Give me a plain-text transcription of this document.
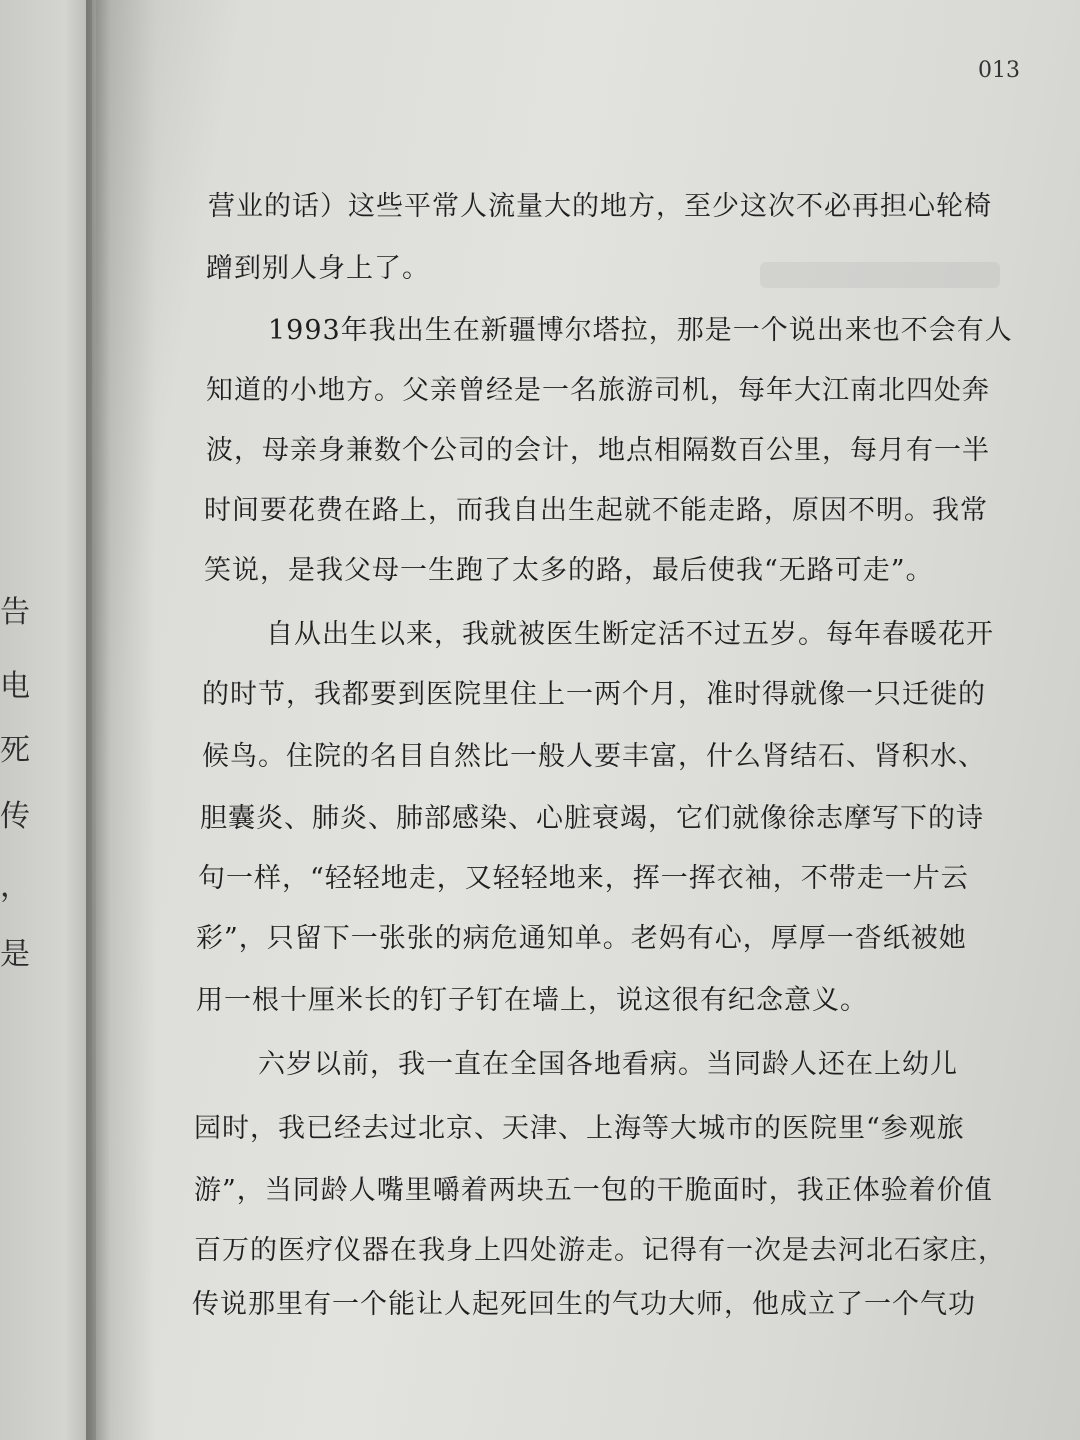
告
电
死
传
，
是
013
营业的话）这些平常人流量大的地方，至少这次不必再担心轮椅
蹭到别人身上了。
1993年我出生在新疆博尔塔拉，那是一个说出来也不会有人
知道的小地方。父亲曾经是一名旅游司机，每年大江南北四处奔
波，母亲身兼数个公司的会计，地点相隔数百公里，每月有一半
时间要花费在路上，而我自出生起就不能走路，原因不明。我常
笑说，是我父母一生跑了太多的路，最后使我“无路可走”。
自从出生以来，我就被医生断定活不过五岁。每年春暖花开
的时节，我都要到医院里住上一两个月，准时得就像一只迁徙的
候鸟。住院的名目自然比一般人要丰富，什么肾结石、肾积水、
胆囊炎、肺炎、肺部感染、心脏衰竭，它们就像徐志摩写下的诗
句一样，“轻轻地走，又轻轻地来，挥一挥衣袖，不带走一片云
彩”，只留下一张张的病危通知单。老妈有心，厚厚一沓纸被她
用一根十厘米长的钉子钉在墙上，说这很有纪念意义。
六岁以前，我一直在全国各地看病。当同龄人还在上幼儿
园时，我已经去过北京、天津、上海等大城市的医院里“参观旅
游”，当同龄人嘴里嚼着两块五一包的干脆面时，我正体验着价值
百万的医疗仪器在我身上四处游走。记得有一次是去河北石家庄，
传说那里有一个能让人起死回生的气功大师，他成立了一个气功
